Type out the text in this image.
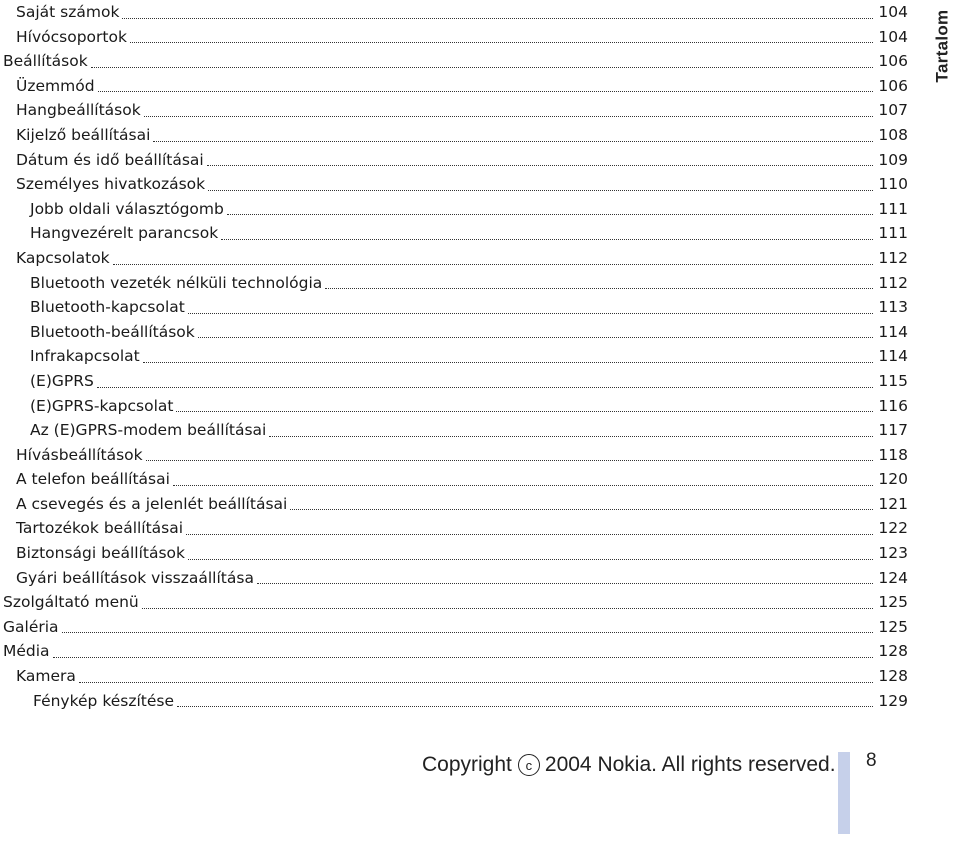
Saját számok	104
Hívócsoportok	104
Beállítások	106
Üzemmód	106
Hangbeállítások	107
Kijelző beállításai	108
Dátum és idő beállításai	109
Személyes hivatkozások	110
Jobb oldali választógomb	111
Hangvezérelt parancsok	111
Kapcsolatok	112
Bluetooth vezeték nélküli technológia	112
Bluetooth-kapcsolat	113
Bluetooth-beállítások	114
Infrakapcsolat	114
(E)GPRS	115
(E)GPRS-kapcsolat	116
Az (E)GPRS-modem beállításai	117
Hívásbeállítások	118
A telefon beállításai	120
A csevegés és a jelenlét beállításai	121
Tartozékok beállításai	122
Biztonsági beállítások	123
Gyári beállítások visszaállítása	124
Szolgáltató menü	125
Galéria	125
Média	128
Kamera	128
Fénykép készítése	129
Tartalom
Copyright	c 2004 Nokia. All rights reserved. 8
